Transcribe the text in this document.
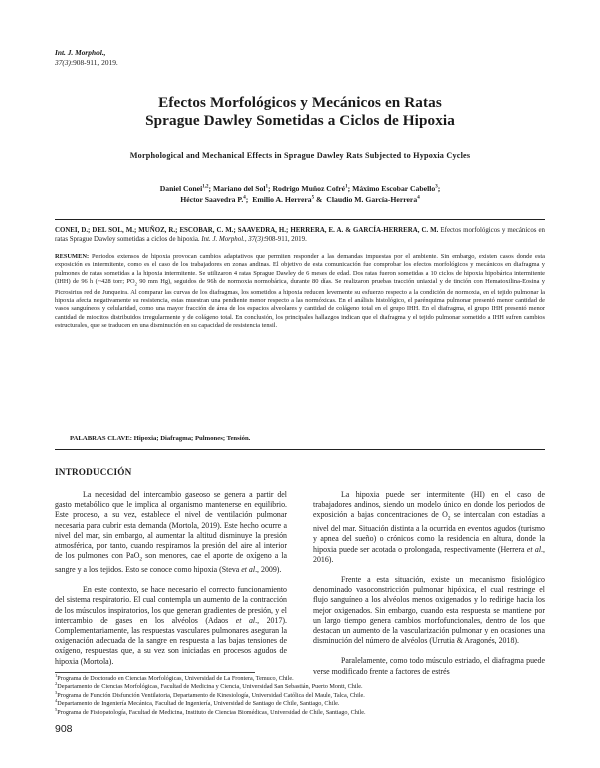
Int. J. Morphol.,
37(3):908-911, 2019.
Efectos Morfológicos y Mecánicos en Ratas
Sprague Dawley Sometidas a Ciclos de Hipoxia
Morphological and Mechanical Effects in Sprague Dawley Rats Subjected to Hypoxia Cycles
Daniel Conei$^{1,2}$; Mariano del Sol$^1$; Rodrigo Muñoz Cofré$^1$; Máximo Escobar Cabello$^3$;
Héctor Saavedra P.$^4$;  Emilio A. Herrera$^5$ &  Claudio M. García-Herrera$^4$
CONEI, D.; DEL SOL, M.; MUÑOZ, R.; ESCOBAR, C. M.; SAAVEDRA, H.; HERRERA, E. A. & GARCÍA-HERRERA, C. M. Efectos morfológicos y mecánicos en ratas Sprague Dawley sometidas a ciclos de hipoxia. Int. J. Morphol., 37(3):908-911, 2019.
RESUMEN: Periodos extensos de hipoxia provocan cambios adaptativos que permiten responder a las demandas impuestas por el ambiente. Sin embargo, existen casos donde esta exposición es intermitente, como es el caso de los trabajadores en zonas andinas. El objetivo de esta comunicación fue comprobar los efectos morfológicos y mecánicos en diafragma y pulmones de ratas sometidas a la hipoxia intermitente. Se utilizaron 4 ratas Sprague Dawley de 6 meses de edad. Dos ratas fueron sometidas a 10 ciclos de hipoxia hipobárica intermitente (IHH) de 96 h (~428 torr; $PO_2$ 90 mm Hg), seguidos de 96h de normoxia normobárica, durante 80 días. Se realizaron pruebas tracción uniaxial y de tinción con Hematoxilina-Eosina y Picrosirius red de Junqueira. Al comparar las curvas de los diafragmas, los sometidos a hipoxia reducen levemente su esfuerzo respecto a la condición de normoxia, en el tejido pulmonar la hipoxia afecta negativamente su resistencia, estas muestran una pendiente menor respecto a las normóxicas. En el análisis histológico, el parénquima pulmonar presentó menor cantidad de vasos sanguíneos y celularidad, como una mayor fracción de área de los espacios alveolares y cantidad de colágeno total en el grupo IHH. En el diafragma, el grupo IHH presentó menor cantidad de miocitos distribuidos irregularmente y de colágeno total. En conclusión, los principales hallazgos indican que el diafragma y el tejido pulmonar sometido a IHH sufren cambios estructurales, que se traducen en una disminución en su capacidad de resistencia tensil.
PALABRAS CLAVE: Hipoxia; Diafragma; Pulmones; Tensión.
INTRODUCCIÓN

La necesidad del intercambio gaseoso se genera a partir del gasto metabólico que le implica al organismo mantenerse en equilibrio. Este proceso, a su vez, establece el nivel de ventilación pulmonar necesaria para cubrir esta demanda (Mortola, 2019). Este hecho ocurre a nivel del mar, sin embargo, al aumentar la altitud disminuye la presión atmosférica, por tanto, cuando respiramos la presión del aire al interior de los pulmones con PaO$_2$ son menores, cae el aporte de oxígeno a la sangre y a los tejidos. Esto se conoce como hipoxia (Steva et al., 2009).

En este contexto, se hace necesario el correcto funcionamiento del sistema respiratorio. El cual contempla un aumento de la contracción de los músculos inspiratorios, los que generan gradientes de presión, y el intercambio de gases en los alvéolos (Adaos et al., 2017). Complementariamente, las respuestas vasculares pulmonares aseguran la oxigenación adecuada de la sangre en respuesta a las bajas tensiones de oxígeno, respuestas que, a su vez son iniciadas en procesos agudos de hipoxia (Mortola).

La hipoxia puede ser intermitente (HI) en el caso de trabajadores andinos, siendo un modelo único en donde los periodos de exposición a bajas concentraciones de $O_2$ se intercalan con estadías a nivel del mar. Situación distinta a la ocurrida en eventos agudos (turismo y apnea del sueño) o crónicos como la residencia en altura, donde la hipoxia puede ser acotada o prolongada, respectivamente (Herrera et al., 2016).

Frente a esta situación, existe un mecanismo fisiológico denominado vasoconstricción pulmonar hipóxica, el cual restringe el flujo sanguíneo a los alvéolos menos oxigenados y lo redirige hacia los mejor oxigenados. Sin embargo, cuando esta respuesta se mantiene por un largo tiempo genera cambios morfofuncionales, dentro de los que destacan un aumento de la vascularización pulmonar y en ocasiones una disminución del número de alvéolos (Urrutia & Aragonés, 2018).

Paralelamente, como todo músculo estriado, el diafragma puede verse modificado frente a factores de estrés

$^1$Programa de Doctorado en Ciencias Morfológicas, Universidad de La Frontera, Temuco, Chile.
$^2$Departamento de Ciencias Morfológicas, Facultad de Medicina y Ciencia, Universidad San Sebastián, Puerto Montt, Chile.
$^3$Programa de Función Disfunción Ventilatoria, Departamento de Kinesiología, Universidad Católica del Maule, Talca, Chile.
$^4$Departamento de Ingeniería Mecánica, Facultad de Ingeniería, Universidad de Santiago de Chile, Santiago, Chile.
$^5$Programa de Fisiopatología, Facultad de Medicina, Instituto de Ciencias Biomédicas, Universidad de Chile, Santiago, Chile.
908
